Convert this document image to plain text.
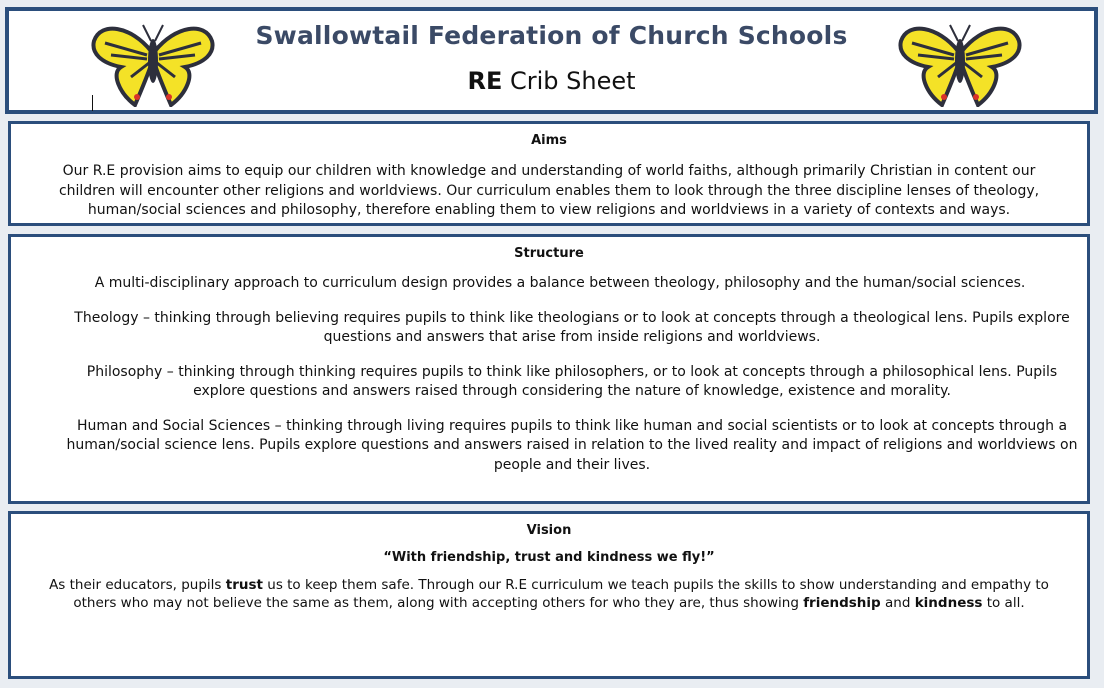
Swallowtail Federation of Church Schools
RE Crib Sheet
Aims

Our R.E provision aims to equip our children with knowledge and understanding of world faiths, although primarily Christian in content our children will encounter other religions and worldviews. Our curriculum enables them to look through the three discipline lenses of theology, human/social sciences and philosophy, therefore enabling them to view religions and worldviews in a variety of contexts and ways.

Structure

A multi-disciplinary approach to curriculum design provides a balance between theology, philosophy and the human/social sciences.

Theology – thinking through believing requires pupils to think like theologians or to look at concepts through a theological lens. Pupils explore questions and answers that arise from inside religions and worldviews.

Philosophy – thinking through thinking requires pupils to think like philosophers, or to look at concepts through a philosophical lens. Pupils explore questions and answers raised through considering the nature of knowledge, existence and morality.

Human and Social Sciences – thinking through living requires pupils to think like human and social scientists or to look at concepts through a human/social science lens. Pupils explore questions and answers raised in relation to the lived reality and impact of religions and worldviews on people and their lives.

Vision
“With friendship, trust and kindness we fly!”

As their educators, pupils trust us to keep them safe. Through our R.E curriculum we teach pupils the skills to show understanding and empathy to others who may not believe the same as them, along with accepting others for who they are, thus showing friendship and kindness to all.
